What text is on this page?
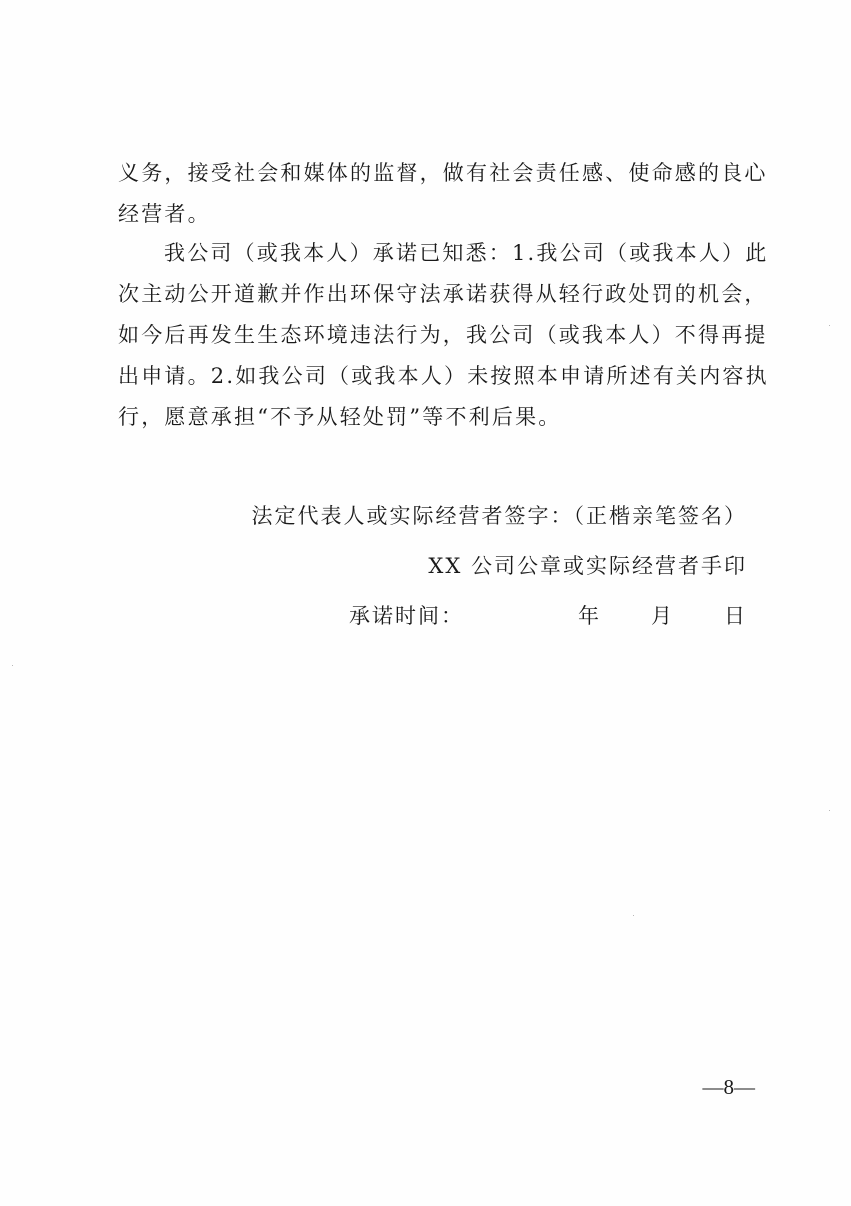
义务，接受社会和媒体的监督，做有社会责任感、使命感的良心
经营者。

我公司（或我本人）承诺已知悉：1.我公司（或我本人）此
次主动公开道歉并作出环保守法承诺获得从轻行政处罚的机会，
如今后再发生生态环境违法行为，我公司（或我本人）不得再提
出申请。2.如我公司（或我本人）未按照本申请所述有关内容执
行，愿意承担“不予从轻处罚”等不利后果。

法定代表人或实际经营者签字：（正楷亲笔签名）
XX 公司公章或实际经营者手印
承诺时间：	年 月 日
—8—
